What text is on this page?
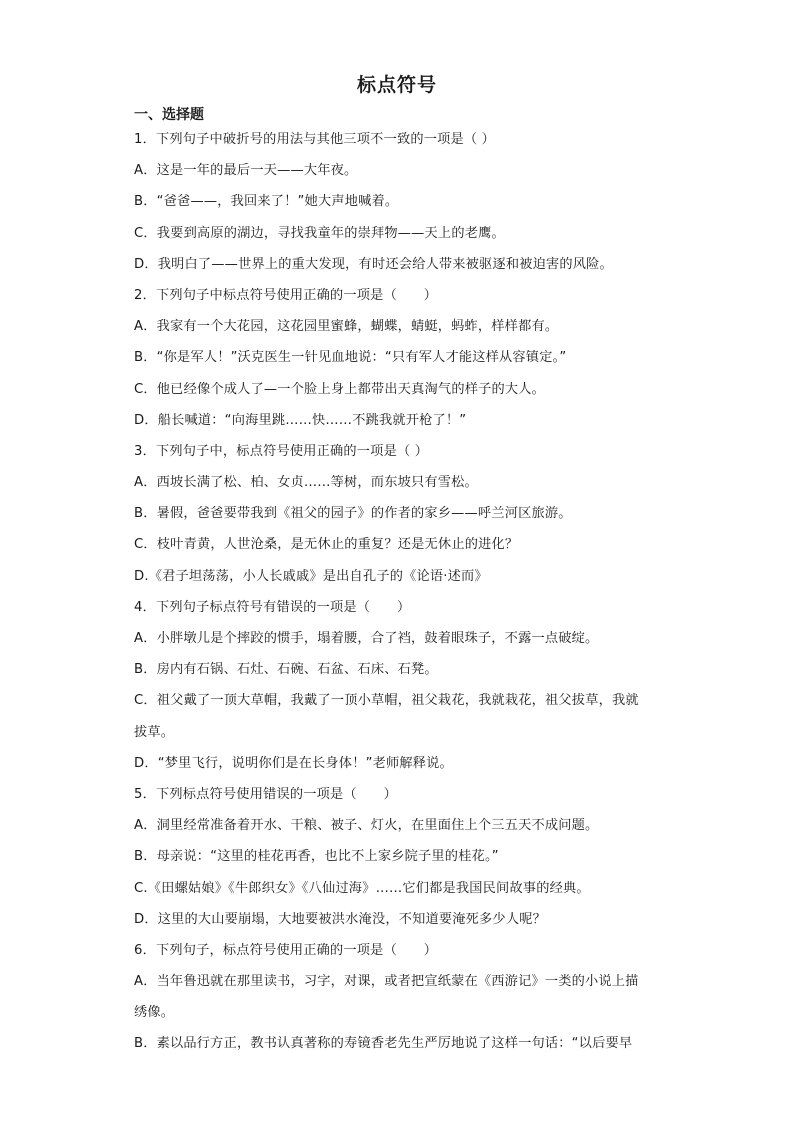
标点符号
一、选择题
1．下列句子中破折号的用法与其他三项不一致的一项是（ ）
A．这是一年的最后一天——大年夜。
B．“爸爸——，我回来了！”她大声地喊着。
C．我要到高原的湖边，寻找我童年的崇拜物——天上的老鹰。
D．我明白了——世界上的重大发现，有时还会给人带来被驱逐和被迫害的风险。
2．下列句子中标点符号使用正确的一项是（　　）
A．我家有一个大花园，这花园里蜜蜂，蝴蝶，蜻蜓，蚂蚱，样样都有。
B．“你是军人！”沃克医生一针见血地说：“只有军人才能这样从容镇定。”
C．他已经像个成人了—一个脸上身上都带出天真淘气的样子的大人。
D．船长喊道：“向海里跳……快……不跳我就开枪了！”
3．下列句子中，标点符号使用正确的一项是（ ）
A．西坡长满了松、柏、女贞……等树，而东坡只有雪松。
B．暑假，爸爸要带我到《祖父的园子》的作者的家乡——呼兰河区旅游。
C．枝叶青黄，人世沧桑，是无休止的重复？还是无休止的进化？
D.《君子坦荡荡，小人长戚戚》是出自孔子的《论语·述而》
4．下列句子标点符号有错误的一项是（　　）
A．小胖墩儿是个摔跤的惯手，塌着腰，合了裆，鼓着眼珠子，不露一点破绽。
B．房内有石锅、石灶、石碗、石盆、石床、石凳。
C．祖父戴了一顶大草帽，我戴了一顶小草帽，祖父栽花，我就栽花，祖父拔草，我就
拔草。
D．“梦里飞行，说明你们是在长身体！”老师解释说。
5．下列标点符号使用错误的一项是（　　）
A．洞里经常准备着开水、干粮、被子、灯火，在里面住上个三五天不成问题。
B．母亲说：“这里的桂花再香，也比不上家乡院子里的桂花。”
C.《田螺姑娘》《牛郎织女》《八仙过海》……它们都是我国民间故事的经典。
D．这里的大山要崩塌，大地要被洪水淹没，不知道要淹死多少人呢？
6．下列句子，标点符号使用正确的一项是（　　）
A．当年鲁迅就在那里读书，习字，对课，或者把宣纸蒙在《西游记》一类的小说上描
绣像。
B．素以品行方正，教书认真著称的寿镜香老先生严厉地说了这样一句话：“以后要早
